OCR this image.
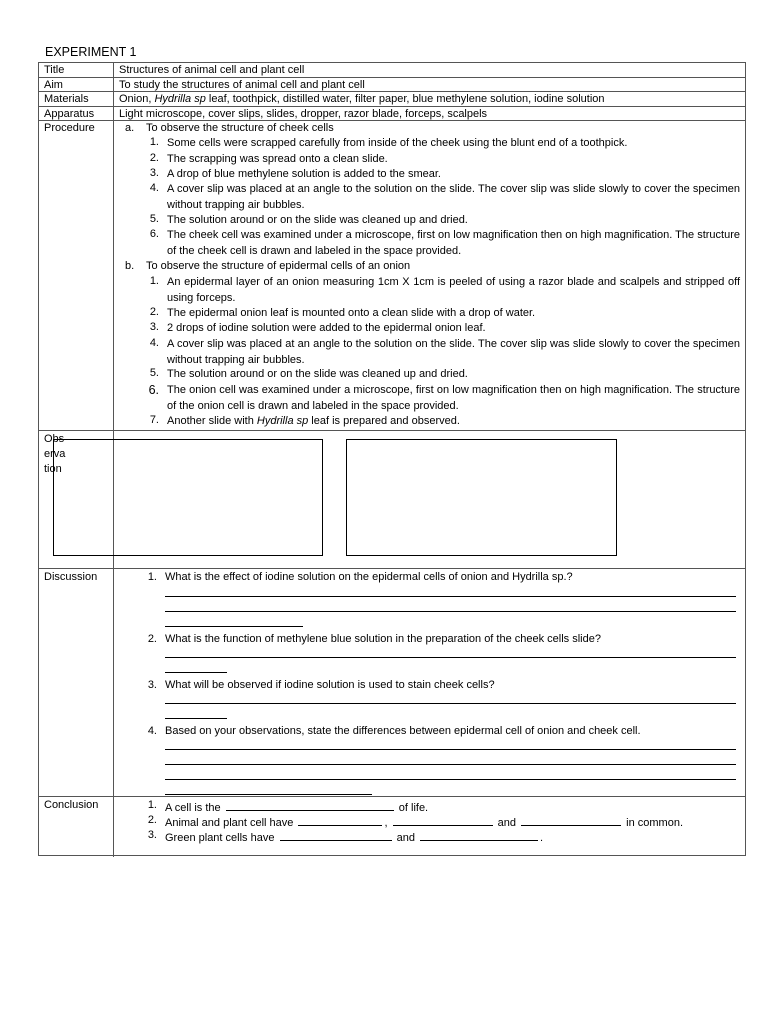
EXPERIMENT 1
Title	Structures of animal cell and plant cell
Aim	To study the structures of animal cell and plant cell
Materials	Onion, Hydrilla sp leaf, toothpick, distilled water, filter paper, blue methylene solution, iodine solution
Apparatus Light microscope, cover slips, slides, dropper, razor blade, forceps, scalpels
Procedure	a. To observe the structure of cheek cells
1. Some cells were scrapped carefully from inside of the cheek using the blunt end of a toothpick.
2. The scrapping was spread onto a clean slide.
3. A drop of blue methylene solution is added to the smear.
4. A cover slip was placed at an angle to the solution on the slide. The cover slip was slide slowly to cover the specimen without trapping air bubbles.
5. The solution around or on the slide was cleaned up and dried.
6. The cheek cell was examined under a microscope, first on low magnification then on high magnification. The structure of the cheek cell is drawn and labeled in the space provided.
b. To observe the structure of epidermal cells of an onion
1. An epidermal layer of an onion measuring 1cm X 1cm is peeled of using a razor blade and scalpels and stripped off using forceps.
2. The epidermal onion leaf is mounted onto a clean slide with a drop of water.
3. 2 drops of iodine solution were added to the epidermal onion leaf.
4. A cover slip was placed at an angle to the solution on the slide. The cover slip was slide slowly to cover the specimen without trapping air bubbles.
5. The solution around or on the slide was cleaned up and dried.
6. The onion cell was examined under a microscope, first on low magnification then on high magnification. The structure of the onion cell is drawn and labeled in the space provided.
7. Another slide with Hydrilla sp leaf is prepared and observed.
Observation
Discussion	1. What is the effect of iodine solution on the epidermal cells of onion and Hydrilla sp.?
2. What is the function of methylene blue solution in the preparation of the cheek cells slide?
3. What will be observed if iodine solution is used to stain cheek cells?
4. Based on your observations, state the differences between epidermal cell of onion and cheek cell.
Conclusion	1. A cell is the	of life.
2. Animal and plant cell have	,	and	in common.
3. Green plant cells have	and	.
